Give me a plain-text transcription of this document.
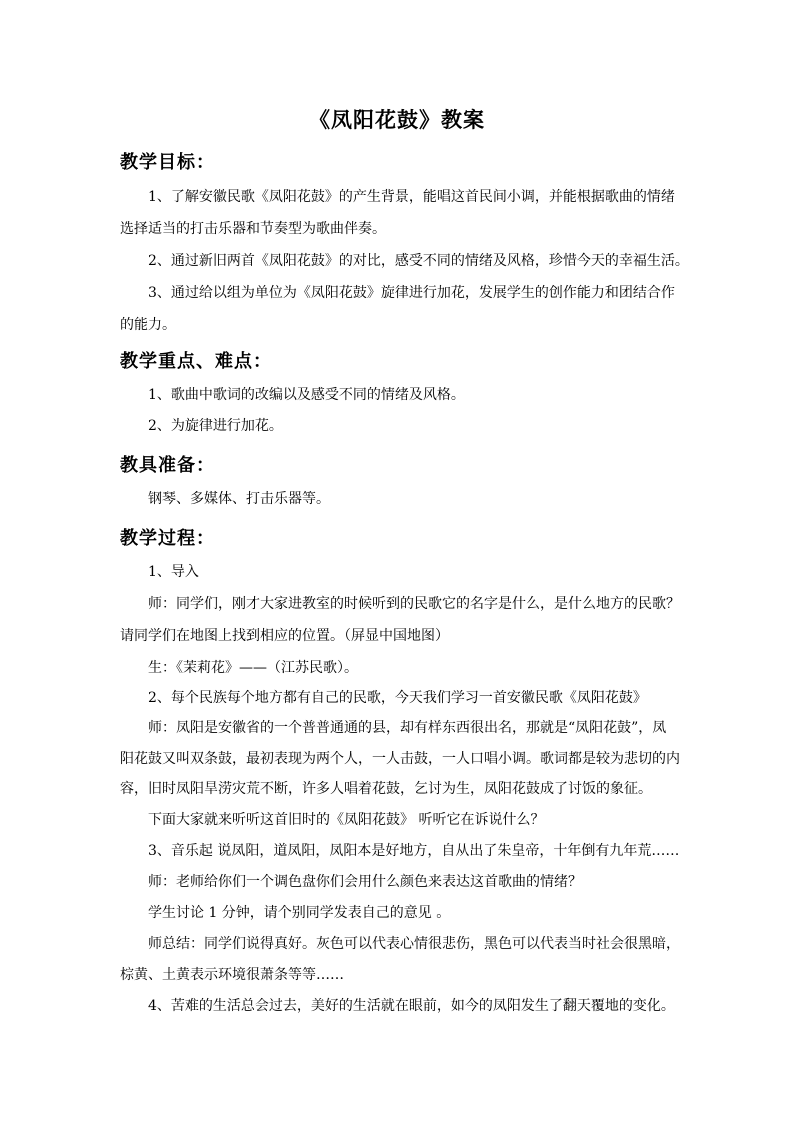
《凤阳花鼓》教案
教学目标：
1、了解安徽民歌《凤阳花鼓》的产生背景，能唱这首民间小调，并能根据歌曲的情绪
选择适当的打击乐器和节奏型为歌曲伴奏。
2、通过新旧两首《凤阳花鼓》的对比，感受不同的情绪及风格，珍惜今天的幸福生活。
3、通过给以组为单位为《凤阳花鼓》旋律进行加花，发展学生的创作能力和团结合作
的能力。
教学重点、难点：
1、歌曲中歌词的改编以及感受不同的情绪及风格。
2、为旋律进行加花。
教具准备：
钢琴、多媒体、打击乐器等。
教学过程：
1、导入
师：同学们，刚才大家进教室的时候听到的民歌它的名字是什么，是什么地方的民歌？
请同学们在地图上找到相应的位置。（屏显中国地图）
生：《茉莉花》——（江苏民歌）。
2、每个民族每个地方都有自己的民歌，今天我们学习一首安徽民歌《凤阳花鼓》
师：凤阳是安徽省的一个普普通通的县，却有样东西很出名，那就是“凤阳花鼓”，凤
阳花鼓又叫双条鼓，最初表现为两个人，一人击鼓，一人口唱小调。歌词都是较为悲切的内
容，旧时凤阳旱涝灾荒不断，许多人唱着花鼓，乞讨为生，凤阳花鼓成了讨饭的象征。
下面大家就来听听这首旧时的《凤阳花鼓》 听听它在诉说什么？
3、音乐起 说凤阳，道凤阳，凤阳本是好地方，自从出了朱皇帝，十年倒有九年荒……
师：老师给你们一个调色盘你们会用什么颜色来表达这首歌曲的情绪？
学生讨论 1 分钟，请个别同学发表自己的意见 。
师总结：同学们说得真好。灰色可以代表心情很悲伤，黑色可以代表当时社会很黑暗，
棕黄、土黄表示环境很萧条等等……
4、苦难的生活总会过去，美好的生活就在眼前，如今的凤阳发生了翻天覆地的变化。
